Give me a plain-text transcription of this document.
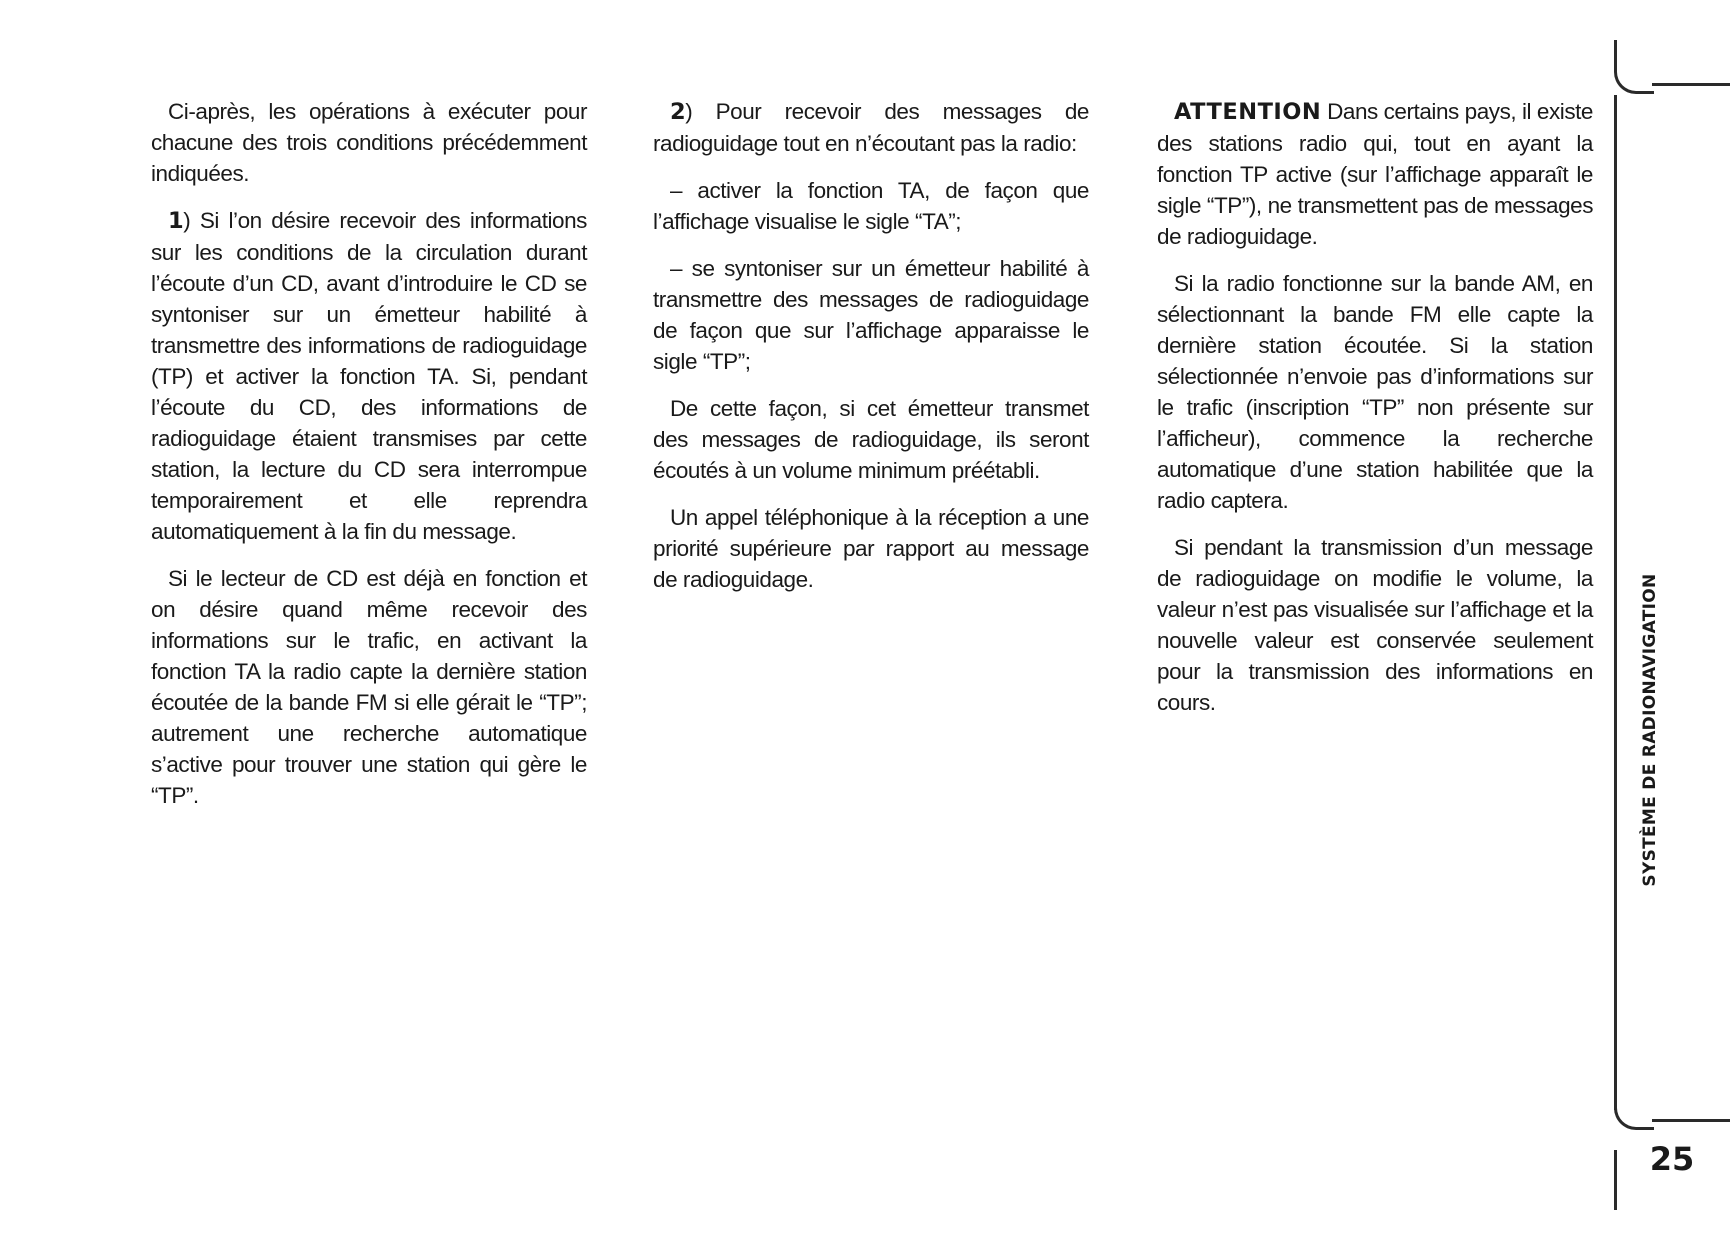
Ci-après, les opérations à exécuter pour chacune des trois conditions précédemment indiquées.

1) Si l’on désire recevoir des informations sur les conditions de la circulation durant l’écoute d’un CD, avant d’introduire le CD se syntoniser sur un émetteur habilité à transmettre des informations de radioguidage (TP) et activer la fonction TA. Si, pendant l’écoute du CD, des informations de radioguidage étaient transmises par cette station, la lecture du CD sera interrompue temporairement et elle reprendra automatiquement à la fin du message.

Si le lecteur de CD est déjà en fonction et on désire quand même recevoir des informations sur le trafic, en activant la fonction TA la radio capte la dernière station écoutée de la bande FM si elle gérait le “TP”; autrement une recherche automatique s’active pour trouver une station qui gère le “TP”.

2) Pour recevoir des messages de radioguidage tout en n’écoutant pas la radio:

– activer la fonction TA, de façon que l’affichage visualise le sigle “TA”;

– se syntoniser sur un émetteur habilité à transmettre des messages de radioguidage de façon que sur l’affichage apparaisse le sigle “TP”;

De cette façon, si cet émetteur transmet des messages de radioguidage, ils seront écoutés à un volume minimum préétabli.

Un appel téléphonique à la réception a une priorité supérieure par rapport au message de radioguidage.

ATTENTION Dans certains pays, il existe des stations radio qui, tout en ayant la fonction TP active (sur l’affichage apparaît le sigle “TP”), ne transmettent pas de messages de radioguidage.

Si la radio fonctionne sur la bande AM, en sélectionnant la bande FM elle capte la dernière station écoutée. Si la station sélectionnée n’envoie pas d’informations sur le trafic (inscription “TP” non présente sur l’afficheur), commence la recherche automatique d’une station habilitée que la radio captera.

Si pendant la transmission d’un message de radioguidage on modifie le volume, la valeur n’est pas visualisée sur l’affichage et la nouvelle valeur est conservée seulement pour la transmission des informations en cours.	SYSTÈME DE RADIONAVIGATION
25
